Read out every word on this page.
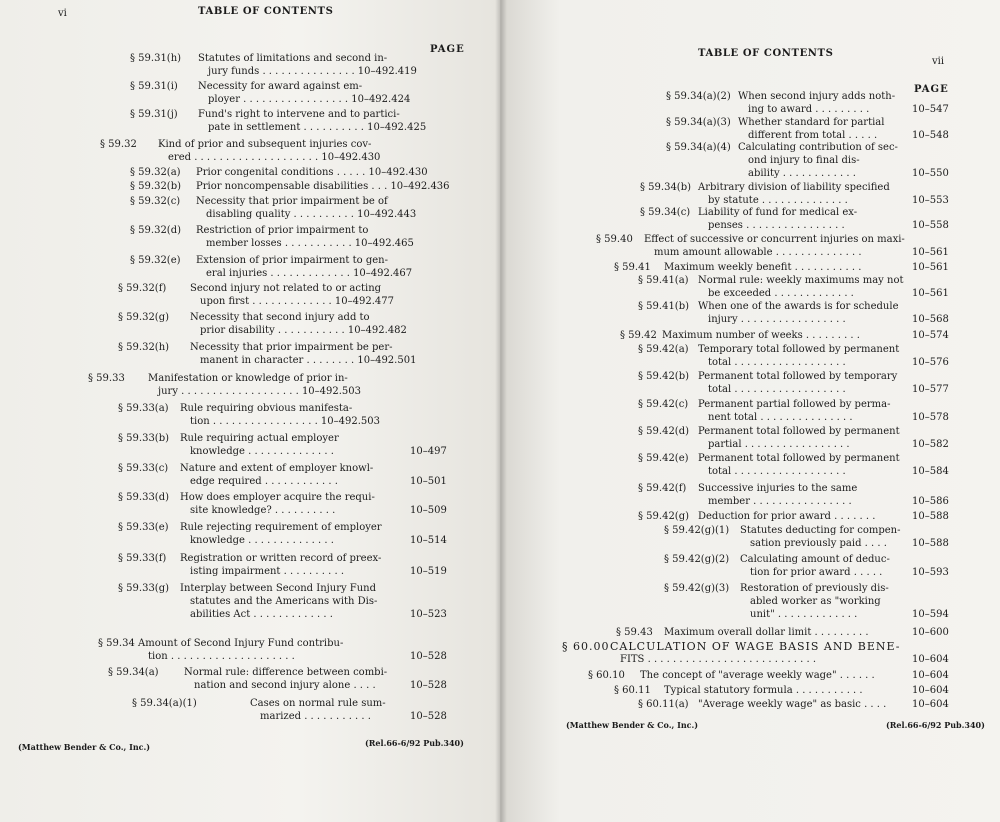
vi	TABLE OF CONTENTS
PAGE
§ 59.31(h) Statutes of limitations and second in-
jury funds . . . . . . . . . . . . . . . 10–492.419
§ 59.31(i) Necessity for award against em-
ployer . . . . . . . . . . . . . . . . . 10–492.424
§ 59.31(j) Fund's right to intervene and to partici-
pate in settlement . . . . . . . . . . 10–492.425
§ 59.32 Kind of prior and subsequent injuries cov-
ered . . . . . . . . . . . . . . . . . . . . 10–492.430
§ 59.32(a) Prior congenital conditions . . . . . 10–492.430
§ 59.32(b) Prior noncompensable disabilities . . . 10–492.436
§ 59.32(c) Necessity that prior impairment be of
disabling quality . . . . . . . . . . 10–492.443
§ 59.32(d) Restriction of prior impairment to
member losses . . . . . . . . . . . 10–492.465
§ 59.32(e) Extension of prior impairment to gen-
eral injuries . . . . . . . . . . . . . 10–492.467
§ 59.32(f) Second injury not related to or acting
upon first . . . . . . . . . . . . . 10–492.477
§ 59.32(g) Necessity that second injury add to
prior disability . . . . . . . . . . . 10–492.482
§ 59.32(h) Necessity that prior impairment be per-
manent in character . . . . . . . . 10–492.501
§ 59.33 Manifestation or knowledge of prior in-
jury . . . . . . . . . . . . . . . . . . . 10–492.503
§ 59.33(a) Rule requiring obvious manifesta-
tion . . . . . . . . . . . . . . . . . 10–492.503
§ 59.33(b) Rule requiring actual employer
knowledge . . . . . . . . . . . . . .	10–497
§ 59.33(c) Nature and extent of employer knowl-
edge required . . . . . . . . . . . .	10–501
§ 59.33(d) How does employer acquire the requi-
site knowledge? . . . . . . . . . .	10–509
§ 59.33(e) Rule rejecting requirement of employer
knowledge . . . . . . . . . . . . . .	10–514
§ 59.33(f) Registration or written record of preex-
isting impairment . . . . . . . . . .	10–519
§ 59.33(g) Interplay between Second Injury Fund
statutes and the Americans with Dis-
abilities Act . . . . . . . . . . . . .	10–523
§ 59.34 Amount of Second Injury Fund contribu-
tion . . . . . . . . . . . . . . . . . . . .	10–528
§ 59.34(a)	Normal rule: difference between combi-
nation and second injury alone . . . .	10–528
§ 59.34(a)(1)	Cases on normal rule sum-
marized . . . . . . . . . . .	10–528
(Matthew Bender & Co., Inc.)	(Rel.66-6/92 Pub.340)
TABLE OF CONTENTS
vii
PAGE
§ 59.34(a)(2) When second injury adds noth-
ing to award . . . . . . . . .	10–547
§ 59.34(a)(3) Whether standard for partial
different from total . . . . .	10–548
§ 59.34(a)(4) Calculating contribution of sec-
ond injury to final dis-
ability . . . . . . . . . . . .	10–550
§ 59.34(b) Arbitrary division of liability specified
by statute . . . . . . . . . . . . . .	10–553
§ 59.34(c) Liability of fund for medical ex-
penses . . . . . . . . . . . . . . . .	10–558
§ 59.40 Effect of successive or concurrent injuries on maxi-
mum amount allowable . . . . . . . . . . . . . .	10–561
§ 59.41 Maximum weekly benefit . . . . . . . . . . .	10–561
§ 59.41(a) Normal rule: weekly maximums may not
be exceeded . . . . . . . . . . . . .	10–561
§ 59.41(b) When one of the awards is for schedule
injury . . . . . . . . . . . . . . . . .	10–568
§ 59.42 Maximum number of weeks . . . . . . . . .	10–574
§ 59.42(a) Temporary total followed by permanent
total . . . . . . . . . . . . . . . . . .	10–576
§ 59.42(b) Permanent total followed by temporary
total . . . . . . . . . . . . . . . . . .	10–577
§ 59.42(c) Permanent partial followed by perma-
nent total . . . . . . . . . . . . . . .	10–578
§ 59.42(d) Permanent total followed by permanent
partial . . . . . . . . . . . . . . . . .	10–582
§ 59.42(e) Permanent total followed by permanent
total . . . . . . . . . . . . . . . . . .	10–584
§ 59.42(f) Successive injuries to the same
member . . . . . . . . . . . . . . . .	10–586
§ 59.42(g) Deduction for prior award . . . . . . .	10–588
§ 59.42(g)(1) Statutes deducting for compen-
sation previously paid . . . .	10–588
§ 59.42(g)(2) Calculating amount of deduc-
tion for prior award . . . . .	10–593
§ 59.42(g)(3) Restoration of previously dis-
abled worker as "working
unit" . . . . . . . . . . . . .	10–594
§ 59.43 Maximum overall dollar limit . . . . . . . . .	10–600
§ 60.00 CALCULATION OF WAGE BASIS AND BENE-
FITS . . . . . . . . . . . . . . . . . . . . . . . . . . .	10–604
§ 60.10 The concept of "average weekly wage" . . . . . .	10–604
§ 60.11 Typical statutory formula . . . . . . . . . . .	10–604
§ 60.11(a) "Average weekly wage" as basic . . . .	10–604
(Matthew Bender & Co., Inc.)	(Rel.66-6/92 Pub.340)
